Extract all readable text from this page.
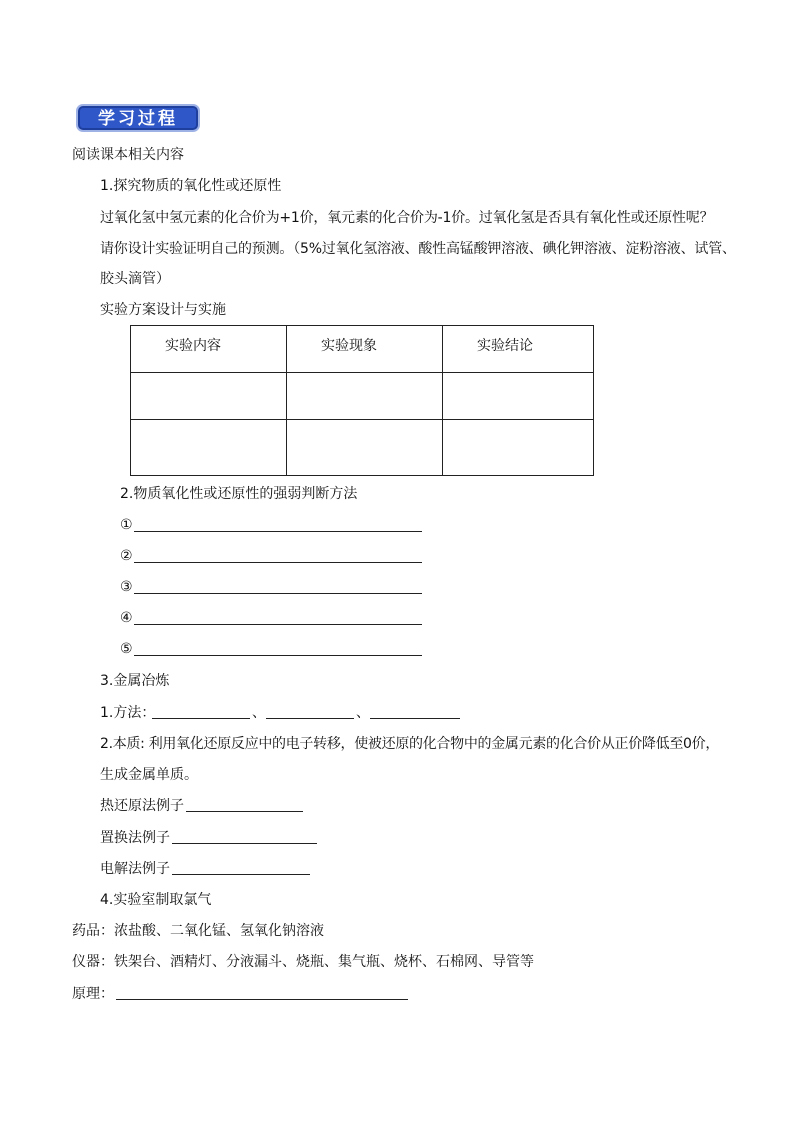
学习过程
阅读课本相关内容
1.探究物质的氧化性或还原性
过氧化氢中氢元素的化合价为+1价，氧元素的化合价为-1价。过氧化氢是否具有氧化性或还原性呢？
请你设计实验证明自己的预测。（5%过氧化氢溶液、酸性高锰酸钾溶液、碘化钾溶液、淀粉溶液、试管、
胶头滴管）
实验方案设计与实施
实验内容	实验现象	实验结论

2.物质氧化性或还原性的强弱判断方法
①
②
③
④
⑤
3.金属冶炼
1.方法：	、	、
2.本质: 利用氧化还原反应中的电子转移，使被还原的化合物中的金属元素的化合价从正价降低至0价，
生成金属单质。
热还原法例子
置换法例子
电解法例子
4.实验室制取氯气
药品：浓盐酸、二氧化锰、氢氧化钠溶液
仪器：铁架台、酒精灯、分液漏斗、烧瓶、集气瓶、烧杯、石棉网、导管等
原理：
